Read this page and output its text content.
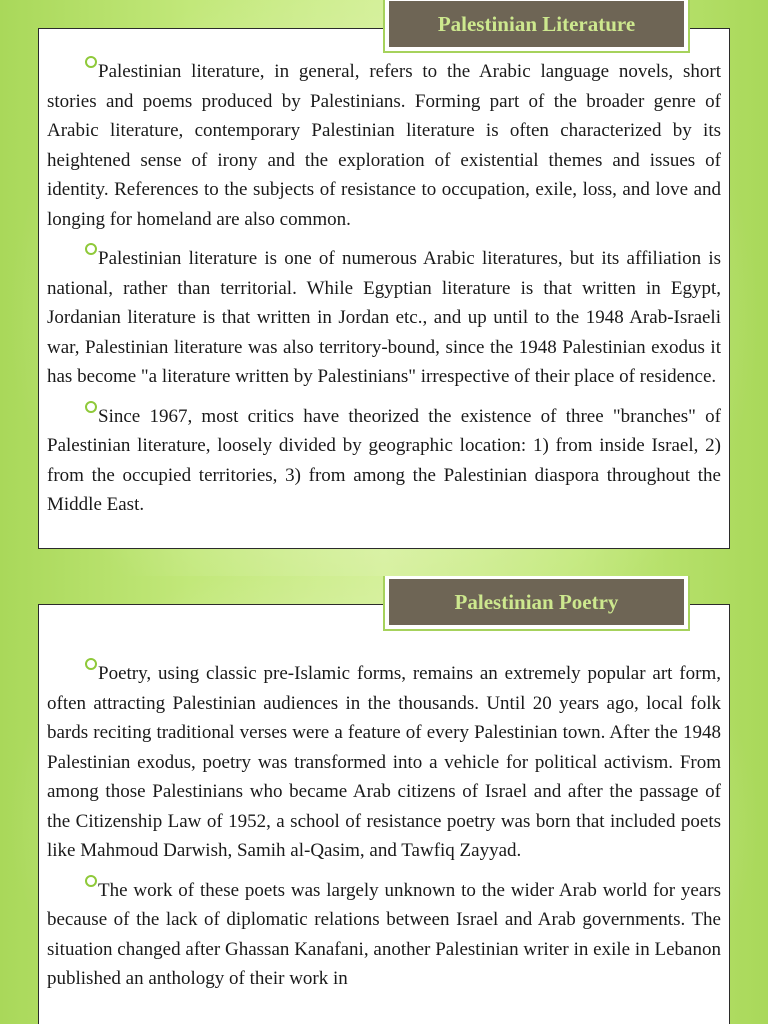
Palestinian literature, in general, refers to the Arabic language novels, short stories and poems produced by Palestinians. Forming part of the broader genre of Arabic literature, contemporary Palestinian literature is often characterized by its heightened sense of irony and the exploration of existential themes and issues of identity. References to the subjects of resistance to occupation, exile, loss, and love and longing for homeland are also common.

Palestinian literature is one of numerous Arabic literatures, but its affiliation is national, rather than territorial. While Egyptian literature is that written in Egypt, Jordanian literature is that written in Jordan etc., and up until to the 1948 Arab-Israeli war, Palestinian literature was also territory-bound, since the 1948 Palestinian exodus it has become "a literature written by Palestinians" irrespective of their place of residence.

Since 1967, most critics have theorized the existence of three "branches" of Palestinian literature, loosely divided by geographic location: 1) from inside Israel, 2) from the occupied territories, 3) from among the Palestinian diaspora throughout the Middle East.

Palestinian Literature

Poetry, using classic pre-Islamic forms, remains an extremely popular art form, often attracting Palestinian audiences in the thousands. Until 20 years ago, local folk bards reciting traditional verses were a feature of every Palestinian town. After the 1948 Palestinian exodus, poetry was transformed into a vehicle for political activism. From among those Palestinians who became Arab citizens of Israel and after the passage of the Citizenship Law of 1952, a school of resistance poetry was born that included poets like Mahmoud Darwish, Samih al-Qasim, and Tawfiq Zayyad.

The work of these poets was largely unknown to the wider Arab world for years because of the lack of diplomatic relations between Israel and Arab governments. The situation changed after Ghassan Kanafani, another Palestinian writer in exile in Lebanon published an anthology of their work in

Palestinian Poetry
